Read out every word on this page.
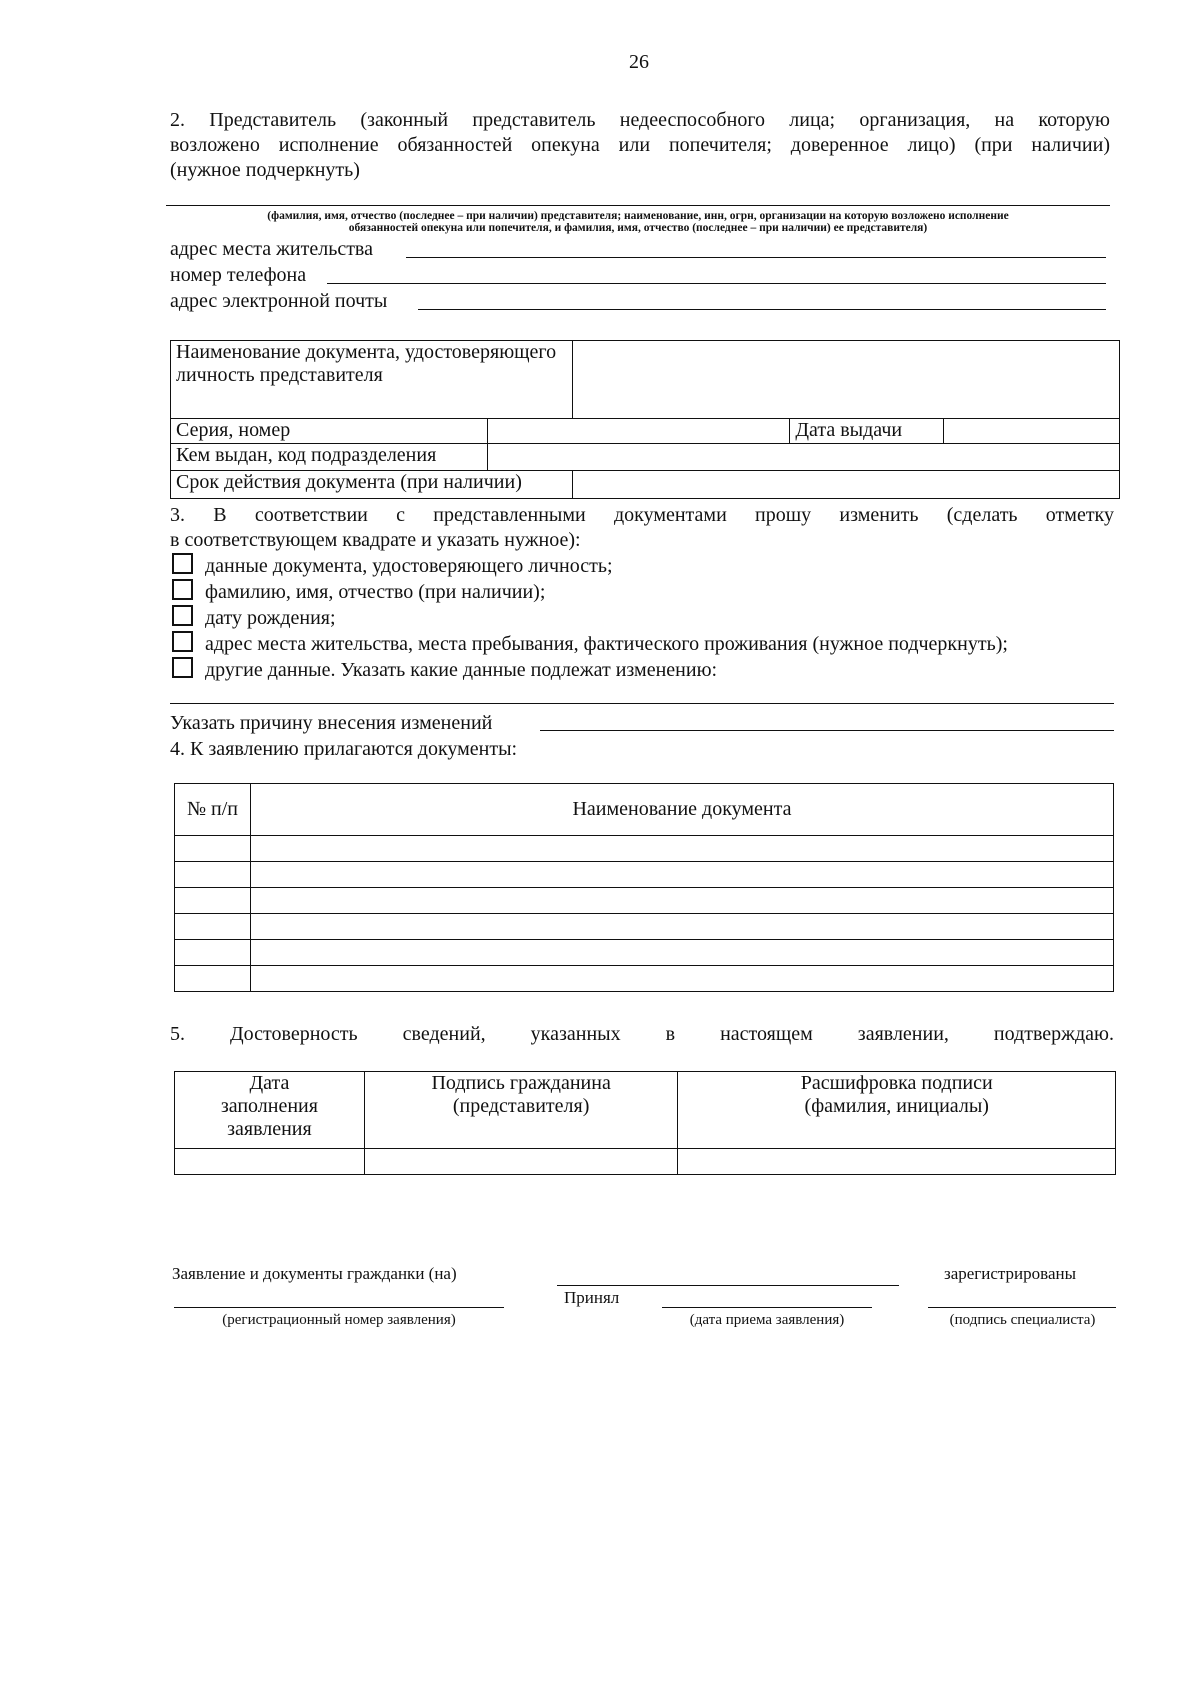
26
2. Представитель (законный представитель недееспособного лица; организация, на которую
возложено исполнение обязанностей опекуна или попечителя; доверенное лицо) (при наличии)
(нужное подчеркнуть)
(фамилия, имя, отчество (последнее – при наличии) представителя; наименование, инн, огрн, организации на которую возложено исполнение
обязанностей опекуна или попечителя, и фамилия, имя, отчество (последнее – при наличии) ее представителя)
адрес места жительства
номер телефона
адрес электронной почты
Наименование документа, удостоверяющего личность представителя				
Серия, номер			Дата выдачи	
Кем выдан, код подразделения				
Срок действия документа (при наличии)				
3. В соответствии с представленными документами прошу изменить (сделать отметку
в соответствующем квадрате и указать нужное):
данные документа, удостоверяющего личность;
фамилию, имя, отчество (при наличии);
дату рождения;
адрес места жительства, места пребывания, фактического проживания (нужное подчеркнуть);
другие данные. Указать какие данные подлежат изменению:
Указать причину внесения изменений
4. К заявлению прилагаются документы:
№ п/п	Наименование документа

5. Достоверность сведений, указанных в настоящем заявлении, подтверждаю.
Дата заполнения заявления	Подпись гражданина (представителя)	Расшифровка подписи (фамилия, инициалы)

Заявление и документы гражданки (на)	зарегистрированы
Принял
(регистрационный номер заявления)	(дата приема заявления)	(подпись специалиста)
